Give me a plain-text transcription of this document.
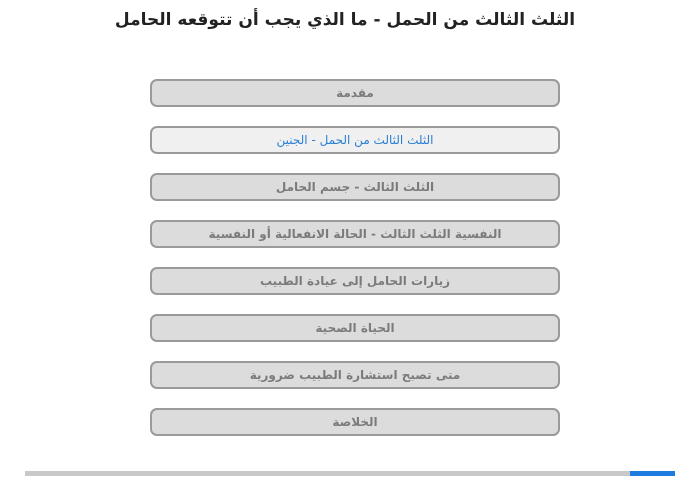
الثلث الثالث من الحمل - ما الذي يجب أن تتوقعه الحامل
مقدمة
الثلث الثالث من الحمل - الجنين
الثلث الثالث - جسم الحامل
النفسية الثلث الثالث - الحالة الانفعالية أو النفسية
زيارات الحامل إلى عيادة الطبيب
الحياة الصحية
متى تصبح استشارة الطبيب ضرورية
الخلاصة
